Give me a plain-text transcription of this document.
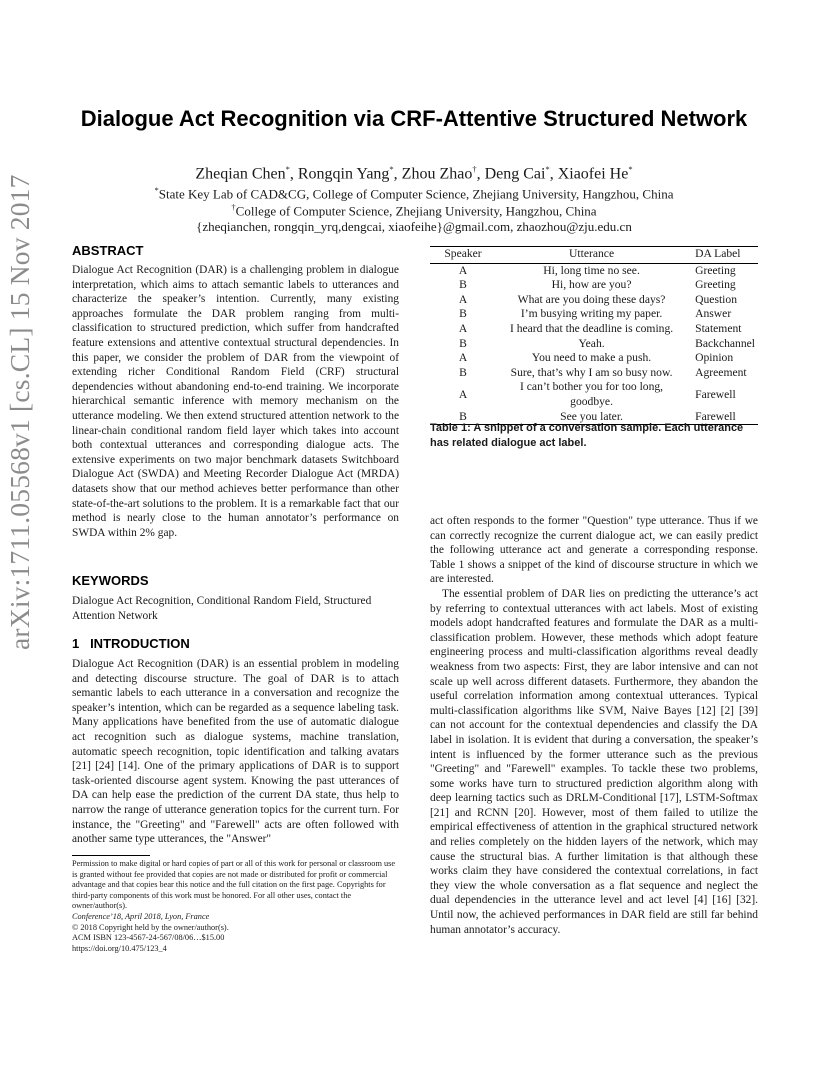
arXiv:1711.05568v1 [cs.CL] 15 Nov 2017
Dialogue Act Recognition via CRF-Attentive Structured Network
Zheqian Chen*, Rongqin Yang*, Zhou Zhao†, Deng Cai*, Xiaofei He*
*State Key Lab of CAD&CG, College of Computer Science, Zhejiang University, Hangzhou, China
†College of Computer Science, Zhejiang University, Hangzhou, China
{zheqianchen, rongqin_yrq,dengcai, xiaofeihe}@gmail.com, zhaozhou@zju.edu.cn
ABSTRACT

Dialogue Act Recognition (DAR) is a challenging problem in dialogue interpretation, which aims to attach semantic labels to utterances and characterize the speaker’s intention. Currently, many existing approaches formulate the DAR problem ranging from multi-classification to structured prediction, which suffer from handcrafted feature extensions and attentive contextual structural dependencies. In this paper, we consider the problem of DAR from the viewpoint of extending richer Conditional Random Field (CRF) structural dependencies without abandoning end-to-end training. We incorporate hierarchical semantic inference with memory mechanism on the utterance modeling. We then extend structured attention network to the linear-chain conditional random field layer which takes into account both contextual utterances and corresponding dialogue acts. The extensive experiments on two major benchmark datasets Switchboard Dialogue Act (SWDA) and Meeting Recorder Dialogue Act (MRDA) datasets show that our method achieves better performance than other state-of-the-art solutions to the problem. It is a remarkable fact that our method is nearly close to the human annotator’s performance on SWDA within 2% gap.

KEYWORDS

Dialogue Act Recognition, Conditional Random Field, Structured Attention Network

1   INTRODUCTION

Dialogue Act Recognition (DAR) is an essential problem in modeling and detecting discourse structure. The goal of DAR is to attach semantic labels to each utterance in a conversation and recognize the speaker’s intention, which can be regarded as a sequence labeling task. Many applications have benefited from the use of automatic dialogue act recognition such as dialogue systems, machine translation, automatic speech recognition, topic identification and talking avatars [21] [24] [14]. One of the primary applications of DAR is to support task-oriented discourse agent system. Knowing the past utterances of DA can help ease the prediction of the current DA state, thus help to narrow the range of utterance generation topics for the current turn. For instance, the "Greeting" and "Farewell" acts are often followed with another same type utterances, the "Answer"

Permission to make digital or hard copies of part or all of this work for personal or classroom use is granted without fee provided that copies are not made or distributed for profit or commercial advantage and that copies bear this notice and the full citation on the first page. Copyrights for third-party components of this work must be honored. For all other uses, contact the owner/author(s).

Conference’18, April 2018, Lyon, France

© 2018 Copyright held by the owner/author(s).

ACM ISBN 123-4567-24-567/08/06…$15.00

https://doi.org/10.475/123_4

Speaker	Utterance	DA Label
A	Hi, long time no see.	Greeting
B	Hi, how are you?	Greeting
A	What are you doing these days?	Question
B	I’m busying writing my paper.	Answer
A	I heard that the deadline is coming.	Statement
B	Yeah.	Backchannel
A	You need to make a push.	Opinion
B	Sure, that’s why I am so busy now.	Agreement
A	I can’t bother you for too long, goodbye.	Farewell
B	See you later.	Farewell

Table 1: A snippet of a conversation sample. Each utterance has related dialogue act label.

act often responds to the former "Question" type utterance. Thus if we can correctly recognize the current dialogue act, we can easily predict the following utterance act and generate a corresponding response. Table 1 shows a snippet of the kind of discourse structure in which we are interested.

The essential problem of DAR lies on predicting the utterance’s act by referring to contextual utterances with act labels. Most of existing models adopt handcrafted features and formulate the DAR as a multi-classification problem. However, these methods which adopt feature engineering process and multi-classification algorithms reveal deadly weakness from two aspects: First, they are labor intensive and can not scale up well across different datasets. Furthermore, they abandon the useful correlation information among contextual utterances. Typical multi-classification algorithms like SVM, Naive Bayes [12] [2] [39] can not account for the contextual dependencies and classify the DA label in isolation. It is evident that during a conversation, the speaker’s intent is influenced by the former utterance such as the previous "Greeting" and "Farewell" examples. To tackle these two problems, some works have turn to structured prediction algorithm along with deep learning tactics such as DRLM-Conditional [17], LSTM-Softmax [21] and RCNN [20]. However, most of them failed to utilize the empirical effectiveness of attention in the graphical structured network and relies completely on the hidden layers of the network, which may cause the structural bias. A further limitation is that although these works claim they have considered the contextual correlations, in fact they view the whole conversation as a flat sequence and neglect the dual dependencies in the utterance level and act level [4] [16] [32]. Until now, the achieved performances in DAR field are still far behind human annotator’s accuracy.
